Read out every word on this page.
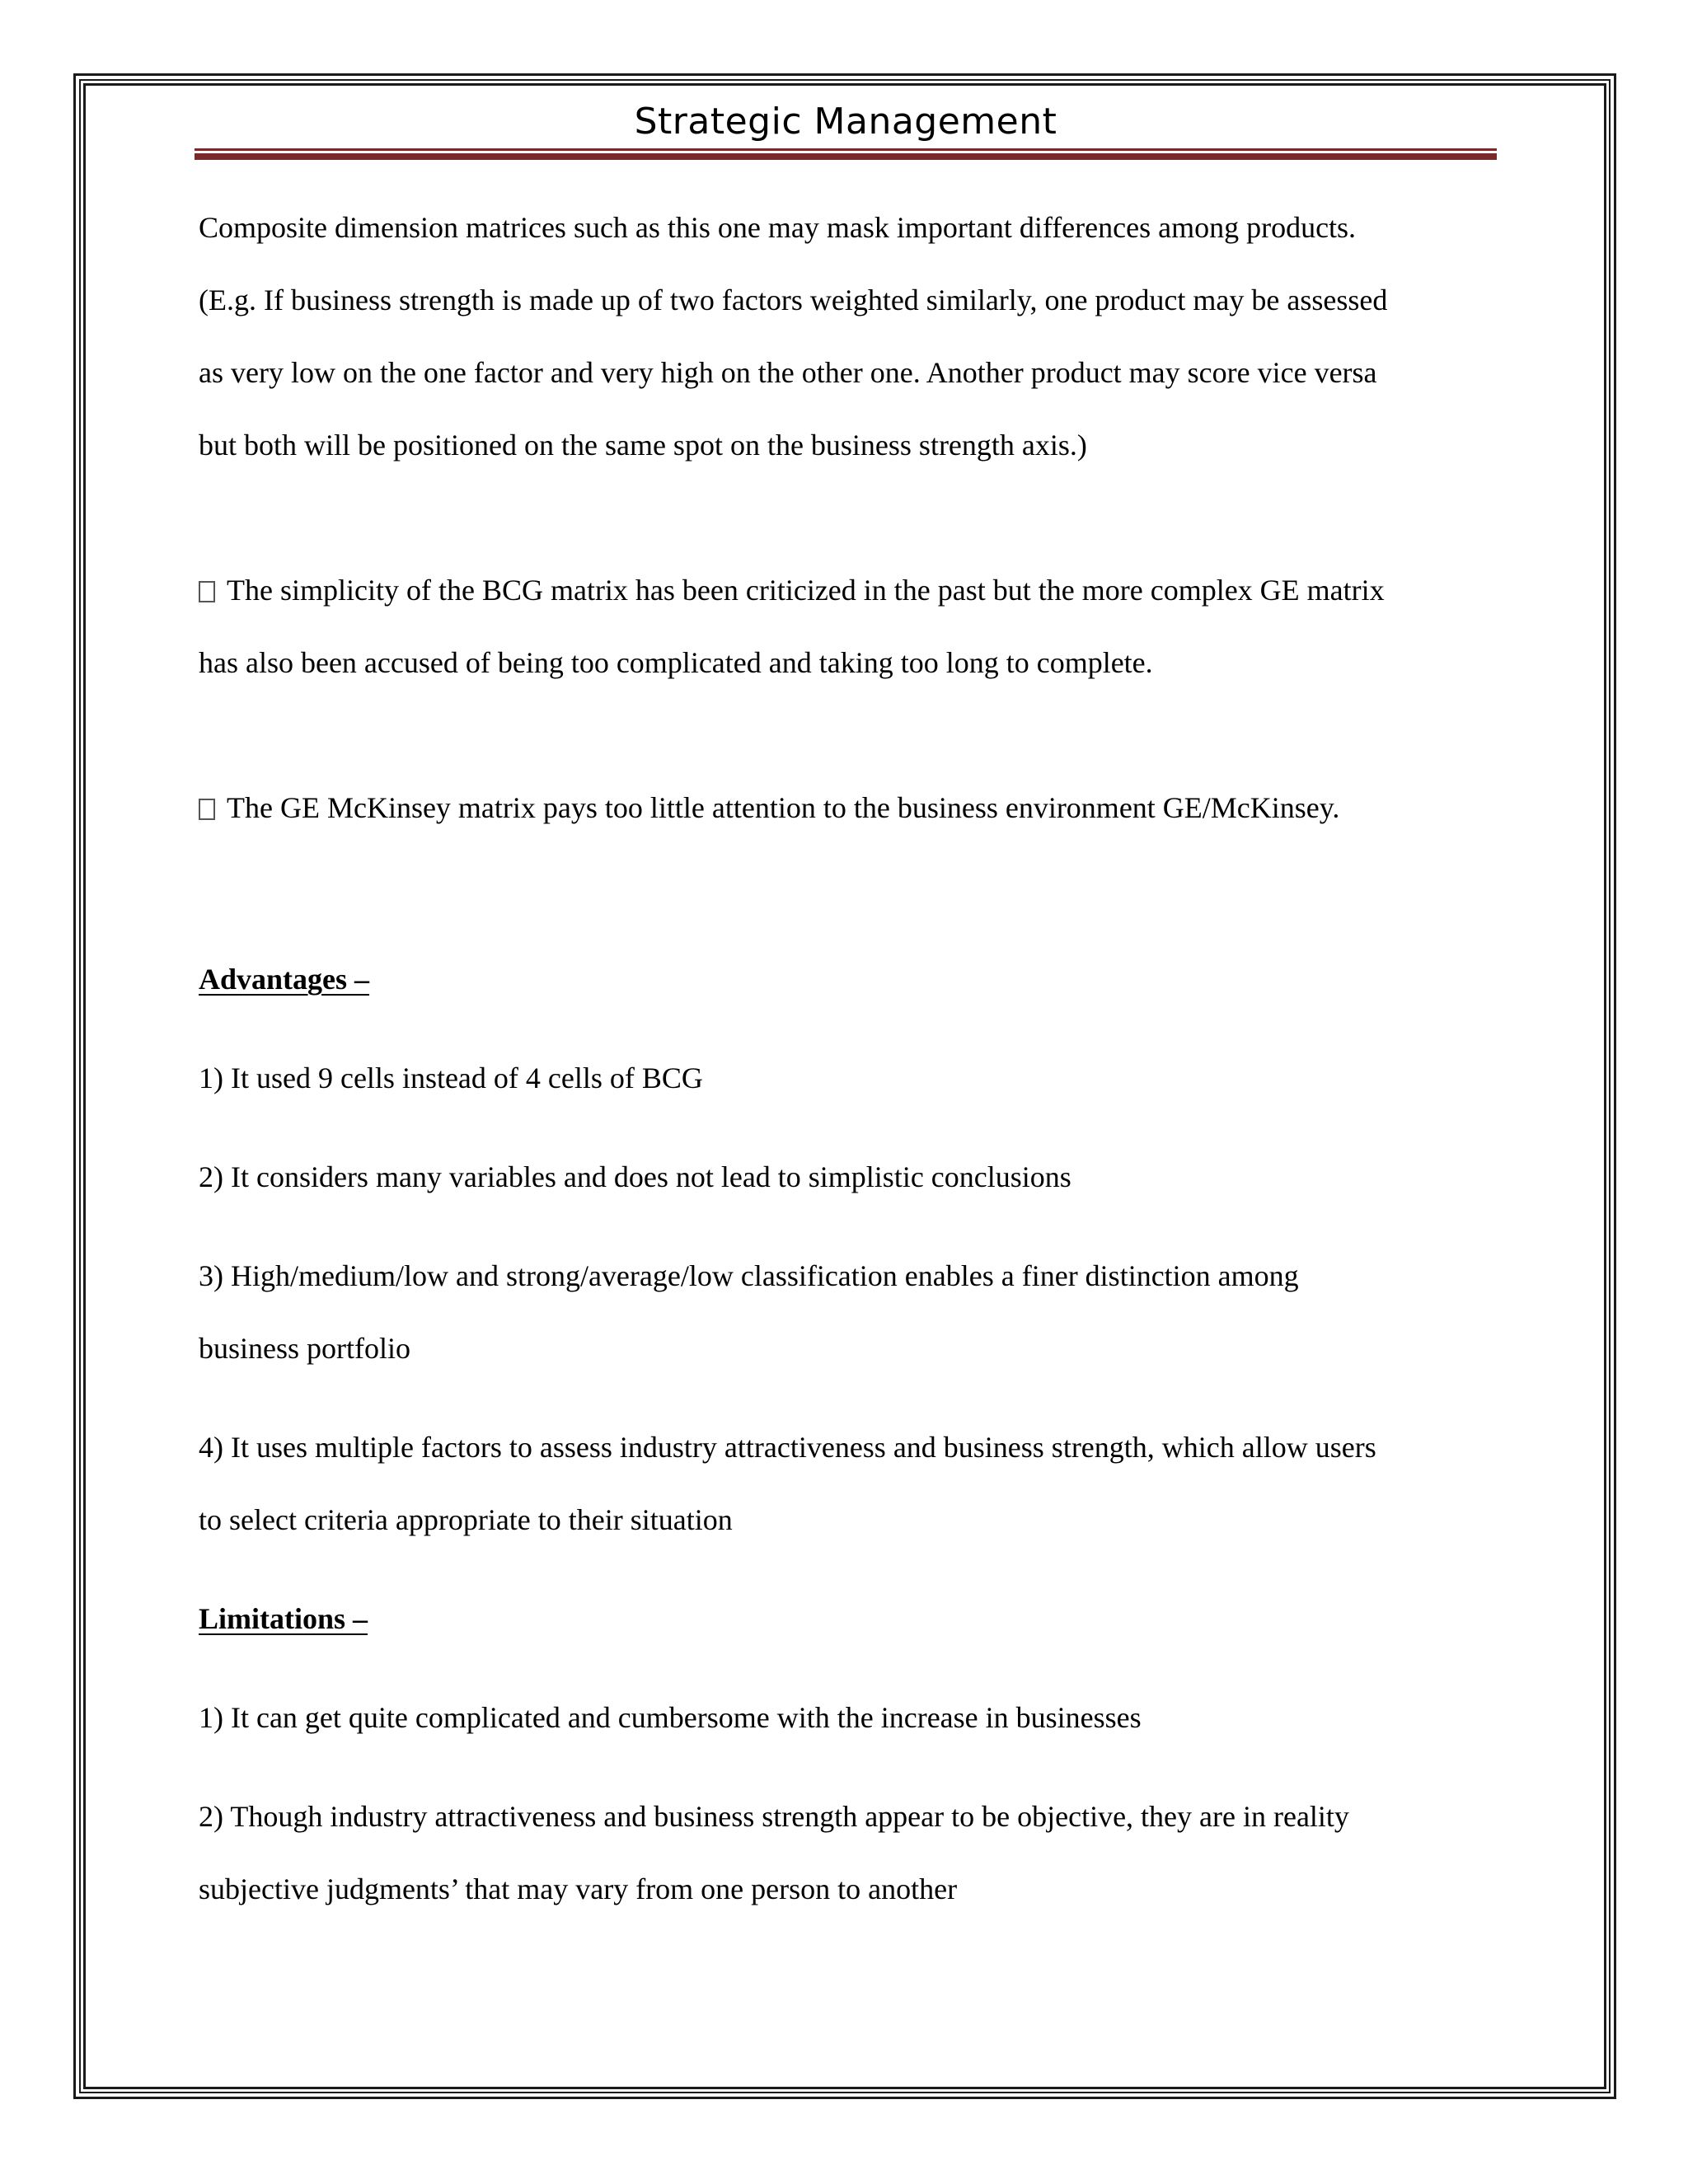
Strategic Management

Composite dimension matrices such as this one may mask important differences among products.

(E.g. If business strength is made up of two factors weighted similarly, one product may be assessed

as very low on the one factor and very high on the other one. Another product may score vice versa

but both will be positioned on the same spot on the business strength axis.)

The simplicity of the BCG matrix has been criticized in the past but the more complex GE matrix

has also been accused of being too complicated and taking too long to complete.

The GE McKinsey matrix pays too little attention to the business environment GE/McKinsey.

Advantages –

1) It used 9 cells instead of 4 cells of BCG

2) It considers many variables and does not lead to simplistic conclusions

3) High/medium/low and strong/average/low classification enables a finer distinction among

business portfolio

4) It uses multiple factors to assess industry attractiveness and business strength, which allow users

to select criteria appropriate to their situation

Limitations –

1) It can get quite complicated and cumbersome with the increase in businesses

2) Though industry attractiveness and business strength appear to be objective, they are in reality

subjective judgments’ that may vary from one person to another
